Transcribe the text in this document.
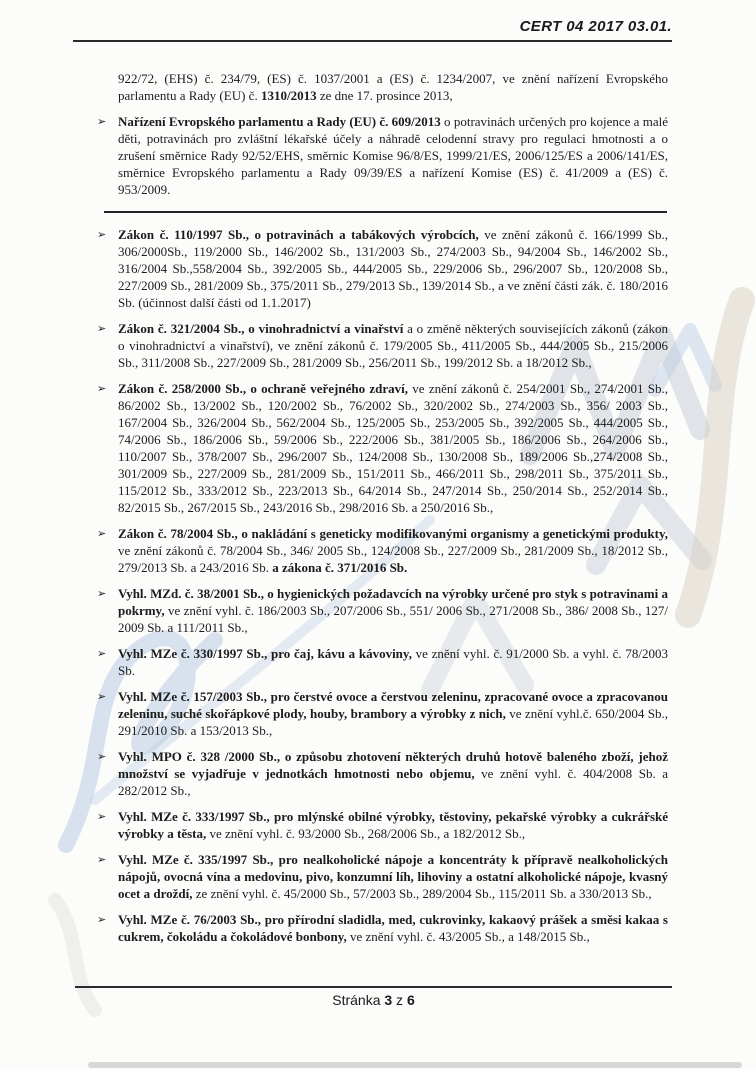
CERT 04 2017 03.01.

922/72, (EHS) č. 234/79, (ES) č. 1037/2001 a (ES) č. 1234/2007, ve znění nařízení Evropského parlamentu a Rady (EU) č. 1310/2013 ze dne 17. prosince 2013,

➢ Nařízení Evropského parlamentu a Rady (EU) č. 609/2013 o potravinách určených pro kojence a malé děti, potravinách pro zvláštní lékařské účely a náhradě celodenní stravy pro regulaci hmotnosti a o zrušení směrnice Rady 92/52/EHS, směrnic Komise 96/8/ES, 1999/21/ES, 2006/125/ES a 2006/141/ES, směrnice Evropského parlamentu a Rady 09/39/ES a nařízení Komise (ES) č. 41/2009 a (ES) č. 953/2009.

➢ Zákon č. 110/1997 Sb., o potravinách a tabákových výrobcích, ve znění zákonů č. 166/1999 Sb., 306/2000Sb., 119/2000 Sb., 146/2002 Sb., 131/2003 Sb., 274/2003 Sb., 94/2004 Sb., 146/2002 Sb., 316/2004 Sb.,558/2004 Sb., 392/2005 Sb., 444/2005 Sb., 229/2006 Sb., 296/2007 Sb., 120/2008 Sb., 227/2009 Sb., 281/2009 Sb., 375/2011 Sb., 279/2013 Sb., 139/2014 Sb., a ve znění části zák. č. 180/2016 Sb. (účinnost další části od 1.1.2017)

➢ Zákon č. 321/2004 Sb., o vinohradnictví a vinařství a o změně některých souvisejících zákonů (zákon o vinohradnictví a vinařství), ve znění zákonů č. 179/2005 Sb., 411/2005 Sb., 444/2005 Sb., 215/2006 Sb., 311/2008 Sb., 227/2009 Sb., 281/2009 Sb., 256/2011 Sb., 199/2012 Sb. a 18/2012 Sb.,

➢ Zákon č. 258/2000 Sb., o ochraně veřejného zdraví, ve znění zákonů č. 254/2001 Sb., 274/2001 Sb., 86/2002 Sb., 13/2002 Sb., 120/2002 Sb., 76/2002 Sb., 320/2002 Sb., 274/2003 Sb., 356/ 2003 Sb., 167/2004 Sb., 326/2004 Sb., 562/2004 Sb., 125/2005 Sb., 253/2005 Sb., 392/2005 Sb., 444/2005 Sb., 74/2006 Sb., 186/2006 Sb., 59/2006 Sb., 222/2006 Sb., 381/2005 Sb., 186/2006 Sb., 264/2006 Sb., 110/2007 Sb., 378/2007 Sb., 296/2007 Sb., 124/2008 Sb., 130/2008 Sb., 189/2006 Sb.,274/2008 Sb., 301/2009 Sb., 227/2009 Sb., 281/2009 Sb., 151/2011 Sb., 466/2011 Sb., 298/2011 Sb., 375/2011 Sb., 115/2012 Sb., 333/2012 Sb., 223/2013 Sb., 64/2014 Sb., 247/2014 Sb., 250/2014 Sb., 252/2014 Sb., 82/2015 Sb., 267/2015 Sb., 243/2016 Sb., 298/2016 Sb. a 250/2016 Sb.,

➢ Zákon č. 78/2004 Sb., o nakládání s geneticky modifikovanými organismy a genetickými produkty, ve znění zákonů č. 78/2004 Sb., 346/ 2005 Sb., 124/2008 Sb., 227/2009 Sb., 281/2009 Sb., 18/2012 Sb., 279/2013 Sb. a 243/2016 Sb. a zákona č. 371/2016 Sb.

➢ Vyhl. MZd. č. 38/2001 Sb., o hygienických požadavcích na výrobky určené pro styk s potravinami a pokrmy, ve znění vyhl. č. 186/2003 Sb., 207/2006 Sb., 551/ 2006 Sb., 271/2008 Sb., 386/ 2008 Sb., 127/ 2009 Sb. a 111/2011 Sb.,

➢ Vyhl. MZe č. 330/1997 Sb., pro čaj, kávu a kávoviny, ve znění vyhl. č. 91/2000 Sb. a vyhl. č. 78/2003 Sb.

➢ Vyhl. MZe č. 157/2003 Sb., pro čerstvé ovoce a čerstvou zeleninu, zpracované ovoce a zpracovanou zeleninu, suché skořápkové plody, houby, brambory a výrobky z nich, ve znění vyhl.č. 650/2004 Sb., 291/2010 Sb. a 153/2013 Sb.,

➢ Vyhl. MPO č. 328 /2000 Sb., o způsobu zhotovení některých druhů hotově baleného zboží, jehož množství se vyjadřuje v jednotkách hmotnosti nebo objemu, ve znění vyhl. č. 404/2008 Sb. a 282/2012 Sb.,

➢ Vyhl. MZe č. 333/1997 Sb., pro mlýnské obilné výrobky, těstoviny, pekařské výrobky a cukrářské výrobky a těsta, ve znění vyhl. č. 93/2000 Sb., 268/2006 Sb., a 182/2012 Sb.,

➢ Vyhl. MZe č. 335/1997 Sb., pro nealkoholické nápoje a koncentráty k přípravě nealkoholických nápojů, ovocná vína a medovinu, pivo, konzumní líh, lihoviny a ostatní alkoholické nápoje, kvasný ocet a droždí, ze znění vyhl. č. 45/2000 Sb., 57/2003 Sb., 289/2004 Sb., 115/2011 Sb. a 330/2013 Sb.,

➢ Vyhl. MZe č. 76/2003 Sb., pro přírodní sladidla, med, cukrovinky, kakaový prášek a směsi kakaa s cukrem, čokoládu a čokoládové bonbony, ve znění vyhl. č. 43/2005 Sb., a 148/2015 Sb.,

Stránka 3 z 6
